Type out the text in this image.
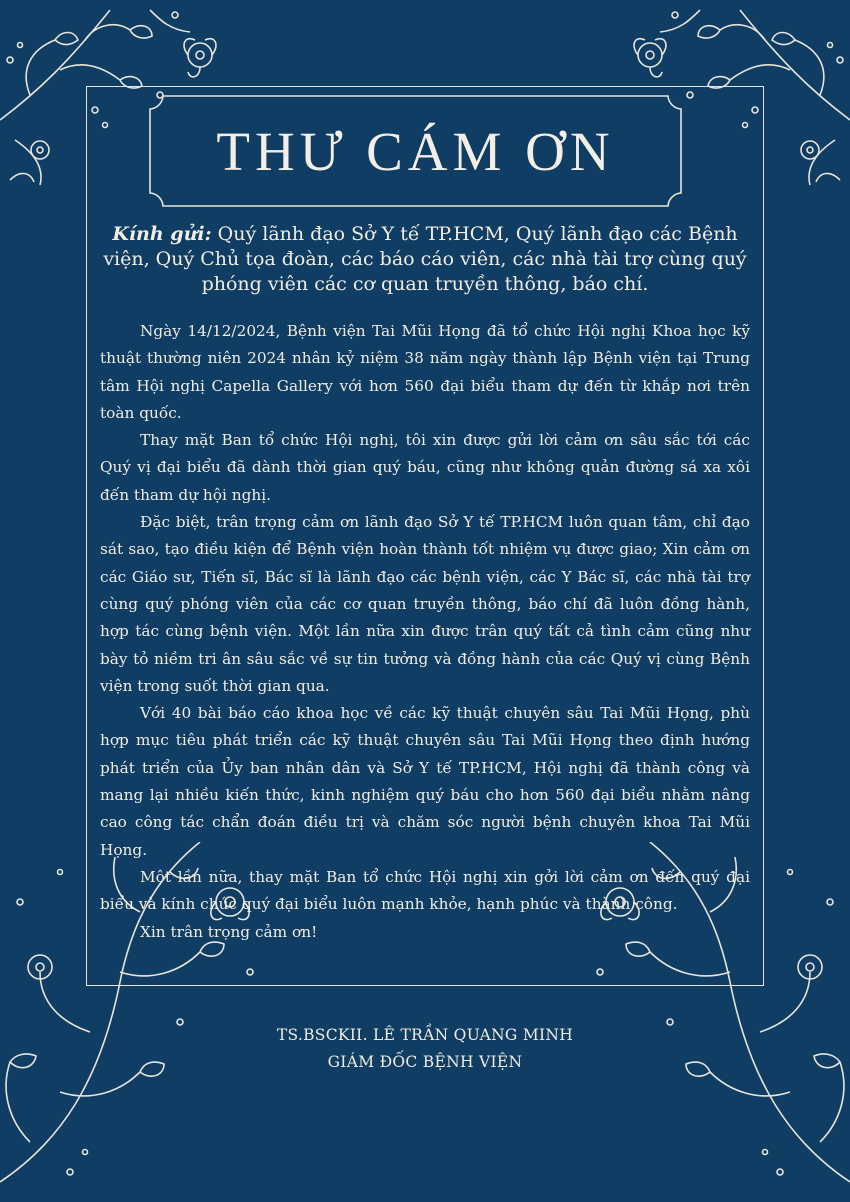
THƯ CÁM ƠN
Kính gửi: Quý lãnh đạo Sở Y tế TP.HCM, Quý lãnh đạo các Bệnh viện, Quý Chủ tọa đoàn, các báo cáo viên, các nhà tài trợ cùng quý phóng viên các cơ quan truyền thông, báo chí.

Ngày 14/12/2024, Bệnh viện Tai Mũi Họng đã tổ chức Hội nghị Khoa học kỹ thuật thường niên 2024 nhân kỷ niệm 38 năm ngày thành lập Bệnh viện tại Trung tâm Hội nghị Capella Gallery với hơn 560 đại biểu tham dự đến từ khắp nơi trên toàn quốc.

Thay mặt Ban tổ chức Hội nghị, tôi xin được gửi lời cảm ơn sâu sắc tới các Quý vị đại biểu đã dành thời gian quý báu, cũng như không quản đường sá xa xôi đến tham dự hội nghị.

Đặc biệt, trân trọng cảm ơn lãnh đạo Sở Y tế TP.HCM luôn quan tâm, chỉ đạo sát sao, tạo điều kiện để Bệnh viện hoàn thành tốt nhiệm vụ được giao; Xin cảm ơn các Giáo sư, Tiến sĩ, Bác sĩ là lãnh đạo các bệnh viện, các Y Bác sĩ, các nhà tài trợ cùng quý phóng viên của các cơ quan truyền thông, báo chí đã luôn đồng hành, hợp tác cùng bệnh viện. Một lần nữa xin được trân quý tất cả tình cảm cũng như bày tỏ niềm tri ân sâu sắc về sự tin tưởng và đồng hành của các Quý vị cùng Bệnh viện trong suốt thời gian qua.

Với 40 bài báo cáo khoa học về các kỹ thuật chuyên sâu Tai Mũi Họng, phù hợp mục tiêu phát triển các kỹ thuật chuyên sâu Tai Mũi Họng theo định hướng phát triển của Ủy ban nhân dân và Sở Y tế TP.HCM, Hội nghị đã thành công và mang lại nhiều kiến thức, kinh nghiệm quý báu cho hơn 560 đại biểu nhằm nâng cao công tác chẩn đoán điều trị và chăm sóc người bệnh chuyên khoa Tai Mũi Họng.

Một lần nữa, thay mặt Ban tổ chức Hội nghị xin gởi lời cảm ơn đến quý đại biểu và kính chúc quý đại biểu luôn mạnh khỏe, hạnh phúc và thành công.

Xin trân trọng cảm ơn!

TS.BSCKII. LÊ TRẦN QUANG MINH
GIÁM ĐỐC BỆNH VIỆN
